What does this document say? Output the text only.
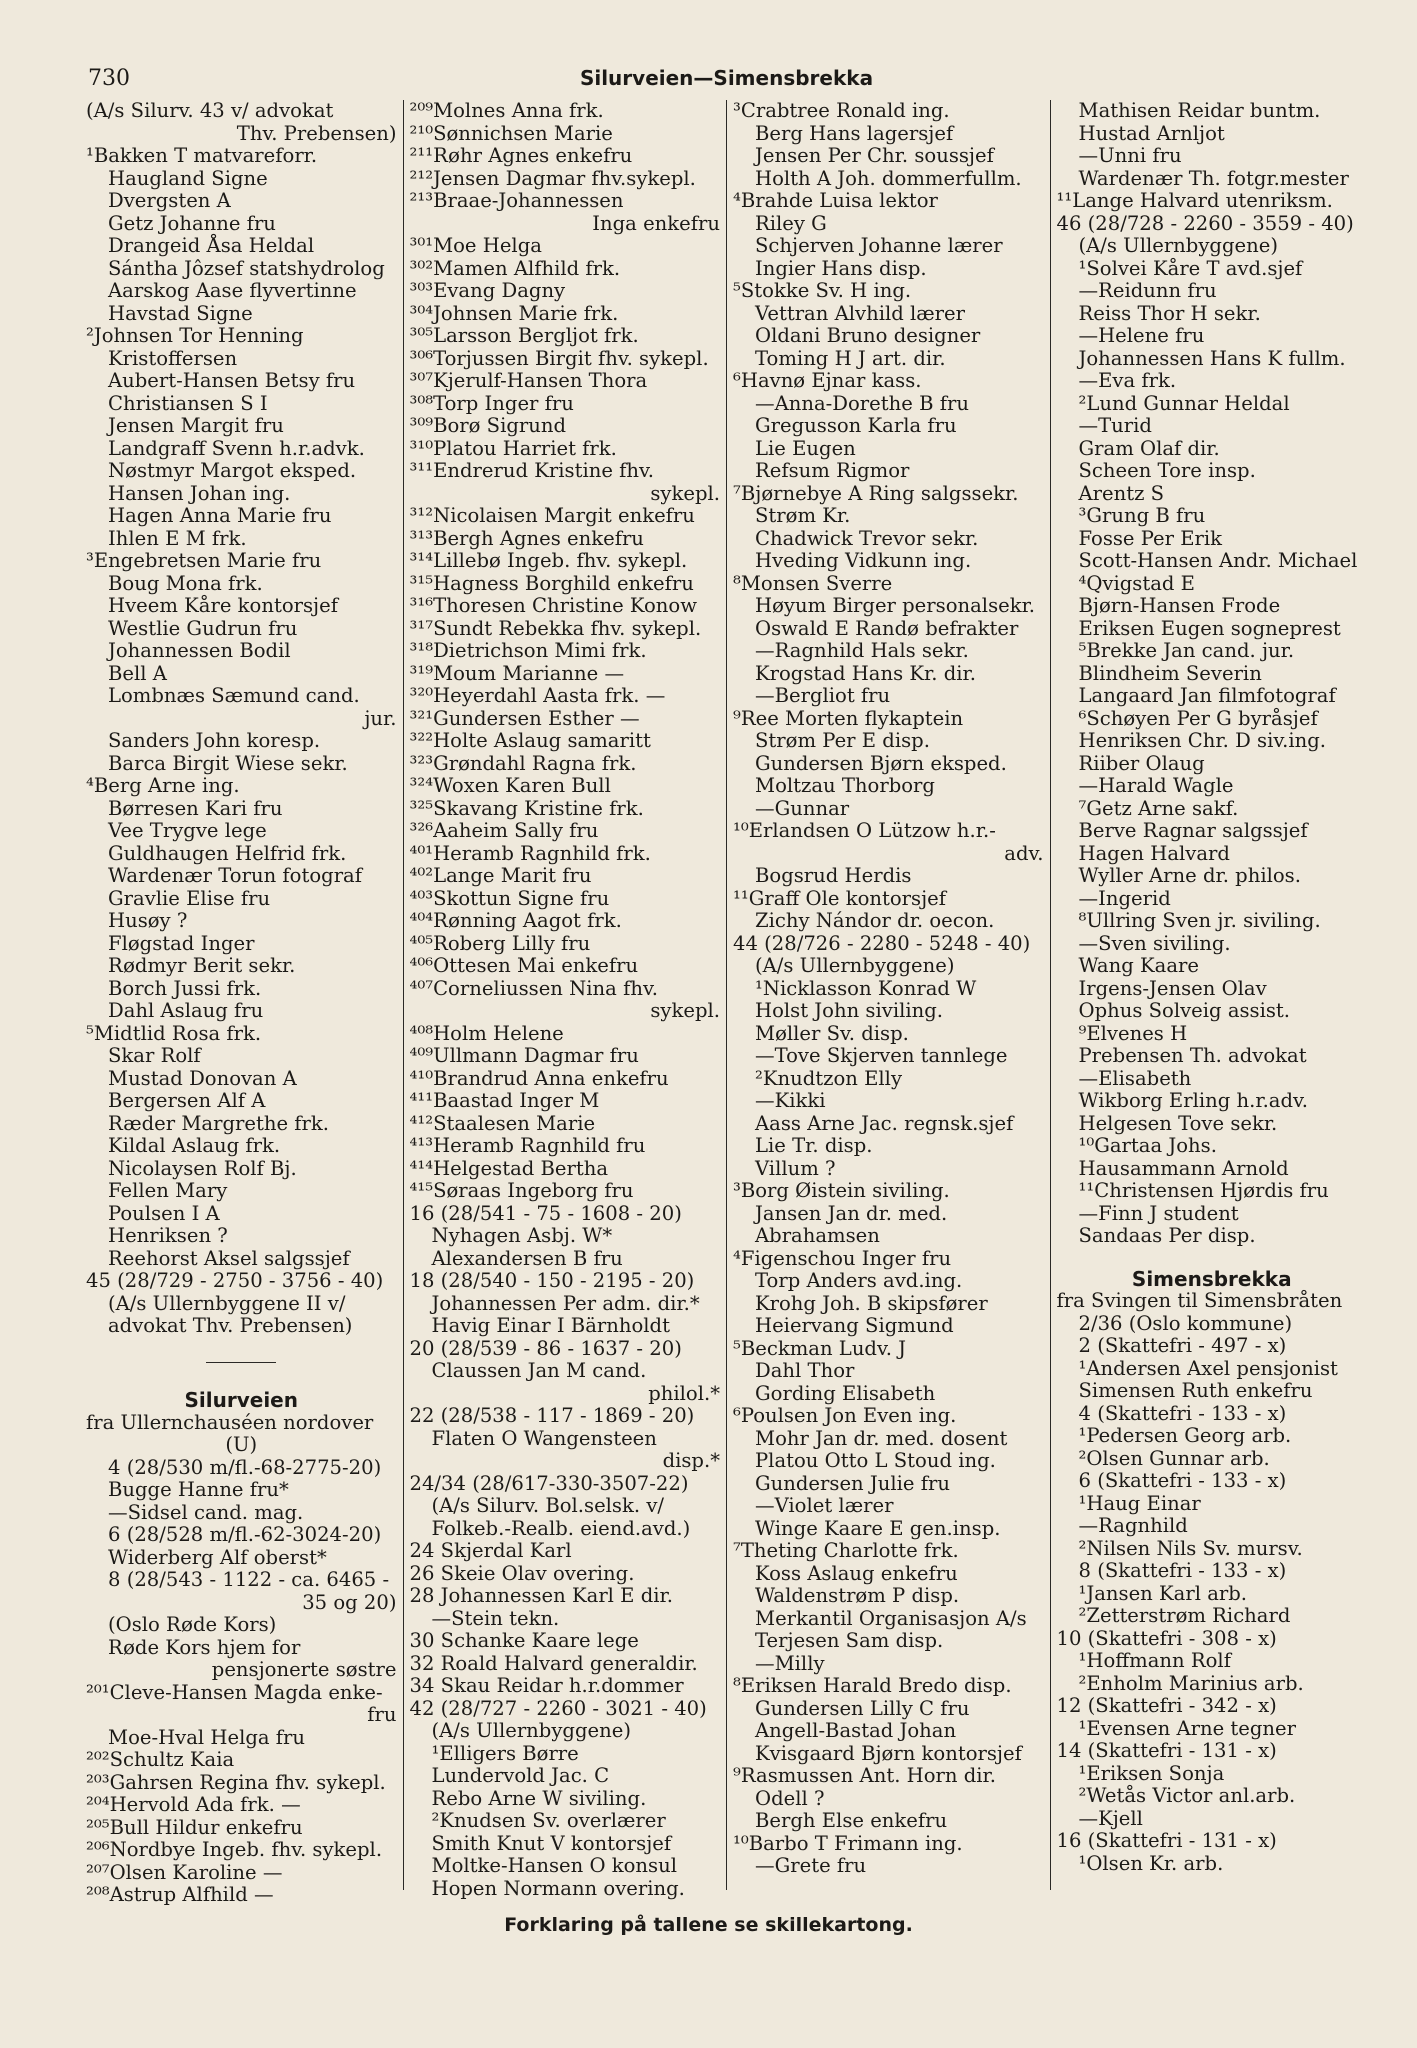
730	Silurveien—Simensbrekka
(A/s Silurv. 43 v/ advokat
Thv. Prebensen)
¹Bakken T matvareforr.
Haugland Signe
Dvergsten A
Getz Johanne fru
Drangeid Åsa Heldal
Sántha Jôzsef statshydrolog
Aarskog Aase flyvertinne
Havstad Signe
²Johnsen Tor Henning
Kristoffersen
Aubert-Hansen Betsy fru
Christiansen S I
Jensen Margit fru
Landgraff Svenn h.r.advk.
Nøstmyr Margot eksped.
Hansen Johan ing.
Hagen Anna Marie fru
Ihlen E M frk.
³Engebretsen Marie fru
Boug Mona frk.
Hveem Kåre kontorsjef
Westlie Gudrun fru
Johannessen Bodil
Bell A
Lombnæs Sæmund cand.
jur.
Sanders John koresp.
Barca Birgit Wiese sekr.
⁴Berg Arne ing.
Børresen Kari fru
Vee Trygve lege
Guldhaugen Helfrid frk.
Wardenær Torun fotograf
Gravlie Elise fru
Husøy ?
Fløgstad Inger
Rødmyr Berit sekr.
Borch Jussi frk.
Dahl Aslaug fru
⁵Midtlid Rosa frk.
Skar Rolf
Mustad Donovan A
Bergersen Alf A
Ræder Margrethe frk.
Kildal Aslaug frk.
Nicolaysen Rolf Bj.
Fellen Mary
Poulsen I A
Henriksen ?
Reehorst Aksel salgssjef
45 (28/729 - 2750 - 3756 - 40)
(A/s Ullernbyggene II v/
advokat Thv. Prebensen)
Silurveien
fra Ullernchauséen nordover
(U)
4 (28/530 m/fl.-68-2775-20)
Bugge Hanne fru*
—Sidsel cand. mag.
6 (28/528 m/fl.-62-3024-20)
Widerberg Alf oberst*
8 (28/543 - 1122 - ca. 6465 -
35 og 20)
(Oslo Røde Kors)
Røde Kors hjem for
pensjonerte søstre
²⁰¹Cleve-Hansen Magda enke-
fru
Moe-Hval Helga fru
²⁰²Schultz Kaia
²⁰³Gahrsen Regina fhv. sykepl.
²⁰⁴Hervold Ada frk. —
²⁰⁵Bull Hildur enkefru
²⁰⁶Nordbye Ingeb. fhv. sykepl.
²⁰⁷Olsen Karoline —
²⁰⁸Astrup Alfhild —
²⁰⁹Molnes Anna frk.
²¹⁰Sønnichsen Marie
²¹¹Røhr Agnes enkefru
²¹²Jensen Dagmar fhv.sykepl.
²¹³Braae-Johannessen
Inga enkefru
³⁰¹Moe Helga
³⁰²Mamen Alfhild frk.
³⁰³Evang Dagny
³⁰⁴Johnsen Marie frk.
³⁰⁵Larsson Bergljot frk.
³⁰⁶Torjussen Birgit fhv. sykepl.
³⁰⁷Kjerulf-Hansen Thora
³⁰⁸Torp Inger fru
³⁰⁹Borø Sigrund
³¹⁰Platou Harriet frk.
³¹¹Endrerud Kristine fhv.
sykepl.
³¹²Nicolaisen Margit enkefru
³¹³Bergh Agnes enkefru
³¹⁴Lillebø Ingeb. fhv. sykepl.
³¹⁵Hagness Borghild enkefru
³¹⁶Thoresen Christine Konow
³¹⁷Sundt Rebekka fhv. sykepl.
³¹⁸Dietrichson Mimi frk.
³¹⁹Moum Marianne —
³²⁰Heyerdahl Aasta frk. —
³²¹Gundersen Esther —
³²²Holte Aslaug samaritt
³²³Grøndahl Ragna frk.
³²⁴Woxen Karen Bull
³²⁵Skavang Kristine frk.
³²⁶Aaheim Sally fru
⁴⁰¹Heramb Ragnhild frk.
⁴⁰²Lange Marit fru
⁴⁰³Skottun Signe fru
⁴⁰⁴Rønning Aagot frk.
⁴⁰⁵Roberg Lilly fru
⁴⁰⁶Ottesen Mai enkefru
⁴⁰⁷Corneliussen Nina fhv.
sykepl.
⁴⁰⁸Holm Helene
⁴⁰⁹Ullmann Dagmar fru
⁴¹⁰Brandrud Anna enkefru
⁴¹¹Baastad Inger M
⁴¹²Staalesen Marie
⁴¹³Heramb Ragnhild fru
⁴¹⁴Helgestad Bertha
⁴¹⁵Søraas Ingeborg fru
16 (28/541 - 75 - 1608 - 20)
Nyhagen Asbj. W*
Alexandersen B fru
18 (28/540 - 150 - 2195 - 20)
Johannessen Per adm. dir.*
Havig Einar I Bärnholdt
20 (28/539 - 86 - 1637 - 20)
Claussen Jan M cand.
philol.*
22 (28/538 - 117 - 1869 - 20)
Flaten O Wangensteen
disp.*
24/34 (28/617-330-3507-22)
(A/s Silurv. Bol.selsk. v/
Folkeb.-Realb. eiend.avd.)
24 Skjerdal Karl
26 Skeie Olav overing.
28 Johannessen Karl E dir.
—Stein tekn.
30 Schanke Kaare lege
32 Roald Halvard generaldir.
34 Skau Reidar h.r.dommer
42 (28/727 - 2260 - 3021 - 40)
(A/s Ullernbyggene)
¹Elligers Børre
Lundervold Jac. C
Rebo Arne W siviling.
²Knudsen Sv. overlærer
Smith Knut V kontorsjef
Moltke-Hansen O konsul
Hopen Normann overing.
³Crabtree Ronald ing.
Berg Hans lagersjef
Jensen Per Chr. soussjef
Holth A Joh. dommerfullm.
⁴Brahde Luisa lektor
Riley G
Schjerven Johanne lærer
Ingier Hans disp.
⁵Stokke Sv. H ing.
Vettran Alvhild lærer
Oldani Bruno designer
Toming H J art. dir.
⁶Havnø Ejnar kass.
—Anna-Dorethe B fru
Gregusson Karla fru
Lie Eugen
Refsum Rigmor
⁷Bjørnebye A Ring salgssekr.
Strøm Kr.
Chadwick Trevor sekr.
Hveding Vidkunn ing.
⁸Monsen Sverre
Høyum Birger personalsekr.
Oswald E Randø befrakter
—Ragnhild Hals sekr.
Krogstad Hans Kr. dir.
—Bergliot fru
⁹Ree Morten flykaptein
Strøm Per E disp.
Gundersen Bjørn eksped.
Moltzau Thorborg
—Gunnar
¹⁰Erlandsen O Lützow h.r.-
adv.
Bogsrud Herdis
¹¹Graff Ole kontorsjef
Zichy Nándor dr. oecon.
44 (28/726 - 2280 - 5248 - 40)
(A/s Ullernbyggene)
¹Nicklasson Konrad W
Holst John siviling.
Møller Sv. disp.
—Tove Skjerven tannlege
²Knudtzon Elly
—Kikki
Aass Arne Jac. regnsk.sjef
Lie Tr. disp.
Villum ?
³Borg Øistein siviling.
Jansen Jan dr. med.
Abrahamsen
⁴Figenschou Inger fru
Torp Anders avd.ing.
Krohg Joh. B skipsfører
Heiervang Sigmund
⁵Beckman Ludv. J
Dahl Thor
Gording Elisabeth
⁶Poulsen Jon Even ing.
Mohr Jan dr. med. dosent
Platou Otto L Stoud ing.
Gundersen Julie fru
—Violet lærer
Winge Kaare E gen.insp.
⁷Theting Charlotte frk.
Koss Aslaug enkefru
Waldenstrøm P disp.
Merkantil Organisasjon A/s
Terjesen Sam disp.
—Milly
⁸Eriksen Harald Bredo disp.
Gundersen Lilly C fru
Angell-Bastad Johan
Kvisgaard Bjørn kontorsjef
⁹Rasmussen Ant. Horn dir.
Odell ?
Bergh Else enkefru
¹⁰Barbo T Frimann ing.
—Grete fru
Mathisen Reidar buntm.
Hustad Arnljot
—Unni fru
Wardenær Th. fotgr.mester
¹¹Lange Halvard utenriksm.
46 (28/728 - 2260 - 3559 - 40)
(A/s Ullernbyggene)
¹Solvei Kåre T avd.sjef
—Reidunn fru
Reiss Thor H sekr.
—Helene fru
Johannessen Hans K fullm.
—Eva frk.
²Lund Gunnar Heldal
—Turid
Gram Olaf dir.
Scheen Tore insp.
Arentz S
³Grung B fru
Fosse Per Erik
Scott-Hansen Andr. Michael
⁴Qvigstad E
Bjørn-Hansen Frode
Eriksen Eugen sogneprest
⁵Brekke Jan cand. jur.
Blindheim Severin
Langaard Jan filmfotograf
⁶Schøyen Per G byråsjef
Henriksen Chr. D siv.ing.
Riiber Olaug
—Harald Wagle
⁷Getz Arne sakf.
Berve Ragnar salgssjef
Hagen Halvard
Wyller Arne dr. philos.
—Ingerid
⁸Ullring Sven jr. siviling.
—Sven siviling.
Wang Kaare
Irgens-Jensen Olav
Ophus Solveig assist.
⁹Elvenes H
Prebensen Th. advokat
—Elisabeth
Wikborg Erling h.r.adv.
Helgesen Tove sekr.
¹⁰Gartaa Johs.
Hausammann Arnold
¹¹Christensen Hjørdis fru
—Finn J student
Sandaas Per disp.
Simensbrekka
fra Svingen til Simensbråten
2/36 (Oslo kommune)
2 (Skattefri - 497 - x)
¹Andersen Axel pensjonist
Simensen Ruth enkefru
4 (Skattefri - 133 - x)
¹Pedersen Georg arb.
²Olsen Gunnar arb.
6 (Skattefri - 133 - x)
¹Haug Einar
—Ragnhild
²Nilsen Nils Sv. mursv.
8 (Skattefri - 133 - x)
¹Jansen Karl arb.
²Zetterstrøm Richard
10 (Skattefri - 308 - x)
¹Hoffmann Rolf
²Enholm Marinius arb.
12 (Skattefri - 342 - x)
¹Evensen Arne tegner
14 (Skattefri - 131 - x)
¹Eriksen Sonja
²Wetås Victor anl.arb.
—Kjell
16 (Skattefri - 131 - x)
¹Olsen Kr. arb.
Forklaring på tallene se skillekartong.
